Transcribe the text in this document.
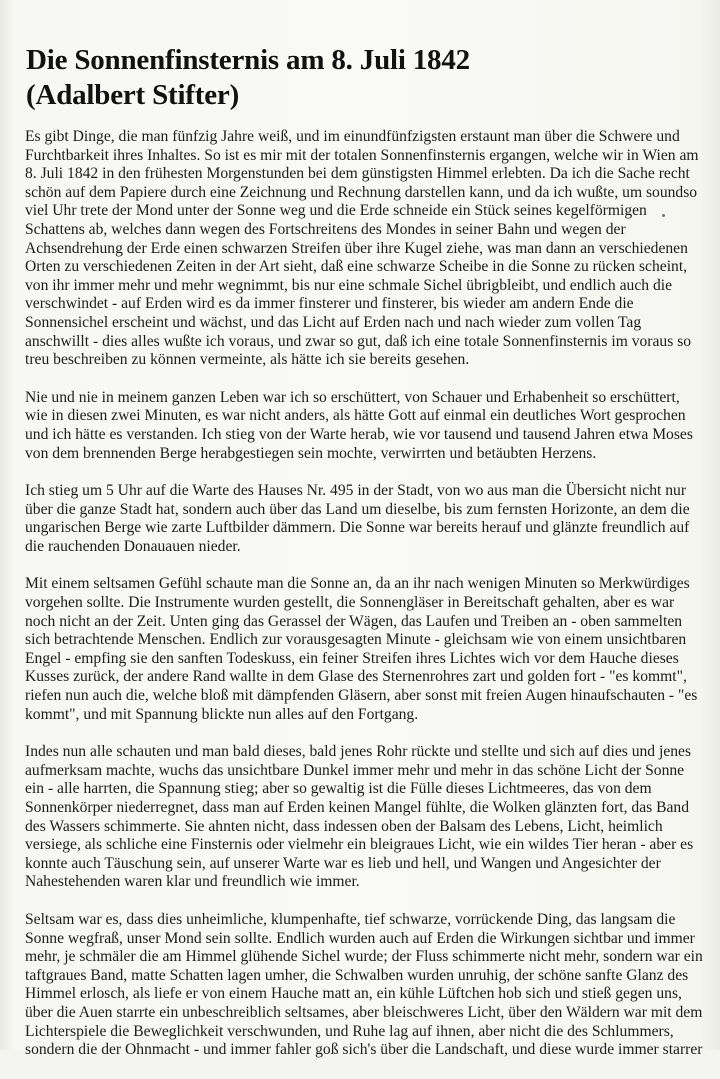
Die Sonnenfinsternis am 8. Juli 1842
(Adalbert Stifter)

Es gibt Dinge, die man fünfzig Jahre weiß, und im einundfünfzigsten erstaunt man über die Schwere und
Furchtbarkeit ihres Inhaltes. So ist es mir mit der totalen Sonnenfinsternis ergangen, welche wir in Wien am
8. Juli 1842 in den frühesten Morgenstunden bei dem günstigsten Himmel erlebten. Da ich die Sache recht
schön auf dem Papiere durch eine Zeichnung und Rechnung darstellen kann, und da ich wußte, um soundso
viel Uhr trete der Mond unter der Sonne weg und die Erde schneide ein Stück seines kegelförmigen
Schattens ab, welches dann wegen des Fortschreitens des Mondes in seiner Bahn und wegen der
Achsendrehung der Erde einen schwarzen Streifen über ihre Kugel ziehe, was man dann an verschiedenen
Orten zu verschiedenen Zeiten in der Art sieht, daß eine schwarze Scheibe in die Sonne zu rücken scheint,
von ihr immer mehr und mehr wegnimmt, bis nur eine schmale Sichel übrigbleibt, und endlich auch die
verschwindet - auf Erden wird es da immer finsterer und finsterer, bis wieder am andern Ende die
Sonnensichel erscheint und wächst, und das Licht auf Erden nach und nach wieder zum vollen Tag
anschwillt - dies alles wußte ich voraus, und zwar so gut, daß ich eine totale Sonnenfinsternis im voraus so
treu beschreiben zu können vermeinte, als hätte ich sie bereits gesehen.

Nie und nie in meinem ganzen Leben war ich so erschüttert, von Schauer und Erhabenheit so erschüttert,
wie in diesen zwei Minuten, es war nicht anders, als hätte Gott auf einmal ein deutliches Wort gesprochen
und ich hätte es verstanden. Ich stieg von der Warte herab, wie vor tausend und tausend Jahren etwa Moses
von dem brennenden Berge herabgestiegen sein mochte, verwirrten und betäubten Herzens.

Ich stieg um 5 Uhr auf die Warte des Hauses Nr. 495 in der Stadt, von wo aus man die Übersicht nicht nur
über die ganze Stadt hat, sondern auch über das Land um dieselbe, bis zum fernsten Horizonte, an dem die
ungarischen Berge wie zarte Luftbilder dämmern. Die Sonne war bereits herauf und glänzte freundlich auf
die rauchenden Donauauen nieder.

Mit einem seltsamen Gefühl schaute man die Sonne an, da an ihr nach wenigen Minuten so Merkwürdiges
vorgehen sollte. Die Instrumente wurden gestellt, die Sonnengläser in Bereitschaft gehalten, aber es war
noch nicht an der Zeit. Unten ging das Gerassel der Wägen, das Laufen und Treiben an - oben sammelten
sich betrachtende Menschen. Endlich zur vorausgesagten Minute - gleichsam wie von einem unsichtbaren
Engel - empfing sie den sanften Todeskuss, ein feiner Streifen ihres Lichtes wich vor dem Hauche dieses
Kusses zurück, der andere Rand wallte in dem Glase des Sternenrohres zart und golden fort - "es kommt",
riefen nun auch die, welche bloß mit dämpfenden Gläsern, aber sonst mit freien Augen hinaufschauten - "es
kommt", und mit Spannung blickte nun alles auf den Fortgang.

Indes nun alle schauten und man bald dieses, bald jenes Rohr rückte und stellte und sich auf dies und jenes
aufmerksam machte, wuchs das unsichtbare Dunkel immer mehr und mehr in das schöne Licht der Sonne
ein - alle harrten, die Spannung stieg; aber so gewaltig ist die Fülle dieses Lichtmeeres, das von dem
Sonnenkörper niederregnet, dass man auf Erden keinen Mangel fühlte, die Wolken glänzten fort, das Band
des Wassers schimmerte. Sie ahnten nicht, dass indessen oben der Balsam des Lebens, Licht, heimlich
versiege, als schliche eine Finsternis oder vielmehr ein bleigraues Licht, wie ein wildes Tier heran - aber es
konnte auch Täuschung sein, auf unserer Warte war es lieb und hell, und Wangen und Angesichter der
Nahestehenden waren klar und freundlich wie immer.

Seltsam war es, dass dies unheimliche, klumpenhafte, tief schwarze, vorrückende Ding, das langsam die
Sonne wegfraß, unser Mond sein sollte. Endlich wurden auch auf Erden die Wirkungen sichtbar und immer
mehr, je schmäler die am Himmel glühende Sichel wurde; der Fluss schimmerte nicht mehr, sondern war ein
taftgraues Band, matte Schatten lagen umher, die Schwalben wurden unruhig, der schöne sanfte Glanz des
Himmel erlosch, als liefe er von einem Hauche matt an, ein kühle Lüftchen hob sich und stieß gegen uns,
über die Auen starrte ein unbeschreiblich seltsames, aber bleischweres Licht, über den Wäldern war mit dem
Lichterspiele die Beweglichkeit verschwunden, und Ruhe lag auf ihnen, aber nicht die des Schlummers,
sondern die der Ohnmacht - und immer fahler goß sich's über die Landschaft, und diese wurde immer starrer
